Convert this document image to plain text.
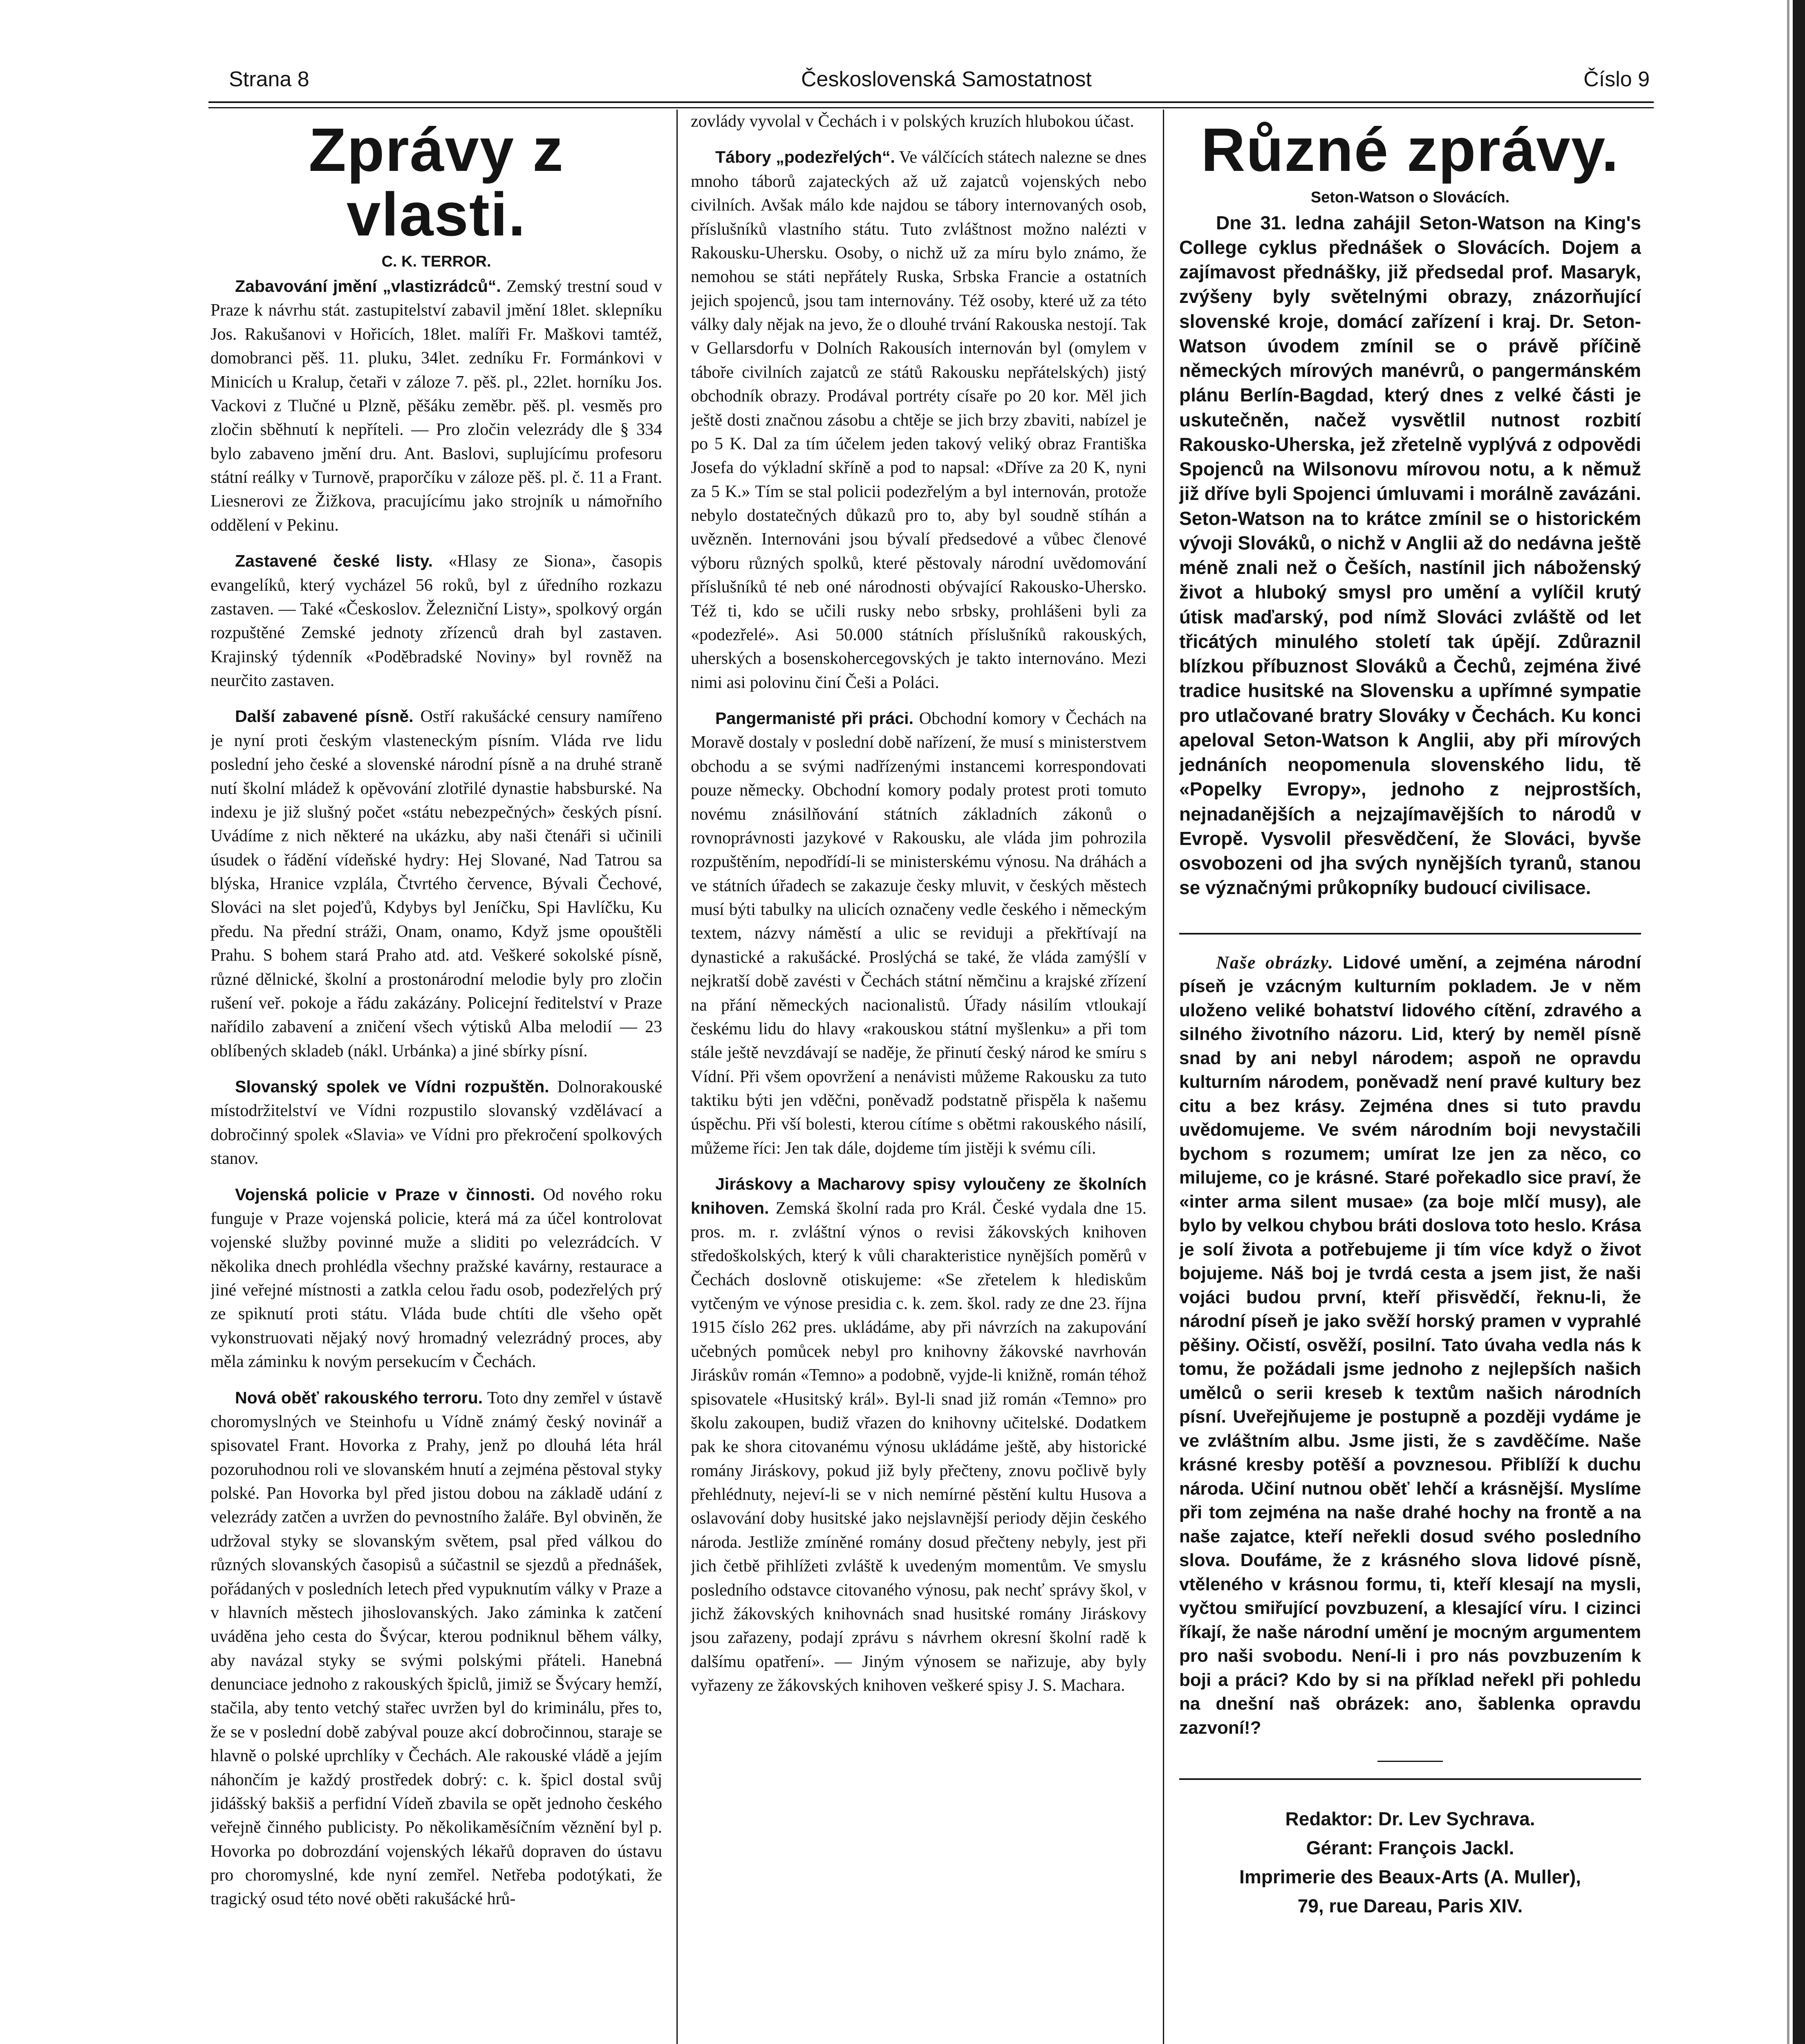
Strana 8	Československá Samostatnost	Číslo 9
Zprávy z vlasti.
C. K. TERROR.

Zabavování jmění „vlastizrádců“. Zemský trestní soud v Praze k návrhu stát. zastupitelství zabavil jmění 18let. sklepníku Jos. Rakušanovi v Hořicích, 18let. malíři Fr. Maškovi tamtéž, domobranci pěš. 11. pluku, 34let. zedníku Fr. Formánkovi v Minicích u Kralup, četaři v záloze 7. pěš. pl., 22let. horníku Jos. Vackovi z Tlučné u Plzně, pěšáku zeměbr. pěš. pl. vesměs pro zločin sběhnutí k nepříteli. — Pro zločin velezrády dle § 334 bylo zabaveno jmění dru. Ant. Baslovi, suplujícímu profesoru státní reálky v Turnově, praporčíku v záloze pěš. pl. č. 11 a Frant. Liesnerovi ze Žižkova, pracujícímu jako strojník u námořního oddělení v Pekinu.

Zastavené české listy. «Hlasy ze Siona», časopis evangelíků, který vycházel 56 roků, byl z úředního rozkazu zastaven. — Také «Českoslov. Železniční Listy», spolkový orgán rozpuštěné Zemské jednoty zřízenců drah byl zastaven. Krajinský týdenník «Poděbradské Noviny» byl rovněž na neurčito zastaven.

Další zabavené písně. Ostří rakušácké censury namířeno je nyní proti českým vlasteneckým písním. Vláda rve lidu poslední jeho české a slovenské národní písně a na druhé straně nutí školní mládež k opěvování zlotřilé dynastie habsburské. Na indexu je již slušný počet «státu nebezpečných» českých písní. Uvádíme z nich některé na ukázku, aby naši čtenáři si učinili úsudek o řádění vídeňské hydry: Hej Slované, Nad Tatrou sa blýska, Hranice vzplála, Čtvrtého července, Bývali Čechové, Slováci na slet pojeďů, Kdybys byl Jeníčku, Spi Havlíčku, Ku předu. Na přední stráži, Onam, onamo, Když jsme opouštěli Prahu. S bohem stará Praho atd. atd. Veškeré sokolské písně, různé dělnické, školní a prostonárodní melodie byly pro zločin rušení veř. pokoje a řádu zakázány. Policejní ředitelství v Praze nařídilo zabavení a zničení všech výtisků Alba melodií — 23 oblíbených skladeb (nákl. Urbánka) a jiné sbírky písní.

Slovanský spolek ve Vídni rozpuštěn. Dolnorakouské místodržitelství ve Vídni rozpustilo slovanský vzdělávací a dobročinný spolek «Slavia» ve Vídni pro překročení spolkových stanov.

Vojenská policie v Praze v činnosti. Od nového roku funguje v Praze vojenská policie, která má za účel kontrolovat vojenské služby povinné muže a sliditi po velezrádcích. V několika dnech prohlédla všechny pražské kavárny, restaurace a jiné veřejné místnosti a zatkla celou řadu osob, podezřelých prý ze spiknutí proti státu. Vláda bude chtíti dle všeho opět vykonstruovati nějaký nový hromadný velezrádný proces, aby měla záminku k novým persekucím v Čechách.

Nová oběť rakouského terroru. Toto dny zemřel v ústavě choromyslných ve Steinhofu u Vídně známý český novinář a spisovatel Frant. Hovorka z Prahy, jenž po dlouhá léta hrál pozoruhodnou roli ve slovanském hnutí a zejména pěstoval styky polské. Pan Hovorka byl před jistou dobou na základě udání z velezrády zatčen a uvržen do pevnostního žaláře. Byl obviněn, že udržoval styky se slovanským světem, psal před válkou do různých slovanských časopisů a súčastnil se sjezdů a přednášek, pořádaných v posledních letech před vypuknutím války v Praze a v hlavních městech jihoslovanských. Jako záminka k zatčení uváděna jeho cesta do Švýcar, kterou podniknul během války, aby navázal styky se svými polskými přáteli. Hanebná denunciace jednoho z rakouských špiclů, jimiž se Švýcary hemží, stačila, aby tento vetchý stařec uvržen byl do kriminálu, přes to, že se v poslední době zabýval pouze akcí dobročinnou, staraje se hlavně o polské uprchlíky v Čechách. Ale rakouské vládě a jejím náhončím je každý prostředek dobrý: c. k. špicl dostal svůj jidášský bakšiš a perfidní Vídeň zbavila se opět jednoho českého veřejně činného publicisty. Po několikaměsíčním věznění byl p. Hovorka po dobrozdání vojenských lékařů dopraven do ústavu pro choromyslné, kde nyní zemřel. Netřeba podotýkati, že tragický osud této nové oběti rakušácké hrů-

zovlády vyvolal v Čechách i v polských kruzích hlubokou účast.

Tábory „podezřelých“. Ve válčících státech nalezne se dnes mnoho táborů zajateckých až už zajatců vojenských nebo civilních. Avšak málo kde najdou se tábory internovaných osob, příslušníků vlastního státu. Tuto zvláštnost možno nalézti v Rakousku-Uhersku. Osoby, o nichž už za míru bylo známo, že nemohou se státi nepřátely Ruska, Srbska Francie a ostatních jejich spojenců, jsou tam internovány. Též osoby, které už za této války daly nějak na jevo, že o dlouhé trvání Rakouska nestojí. Tak v Gellarsdorfu v Dolních Rakousích internován byl (omylem v táboře civilních zajatců ze států Rakousku nepřátelských) jistý obchodník obrazy. Prodával portréty císaře po 20 kor. Měl jich ještě dosti značnou zásobu a chtěje se jich brzy zbaviti, nabízel je po 5 K. Dal za tím účelem jeden takový veliký obraz Františka Josefa do výkladní skříně a pod to napsal: «Dříve za 20 K, nyni za 5 K.» Tím se stal policii podezřelým a byl internován, protože nebylo dostatečných důkazů pro to, aby byl soudně stíhán a uvězněn. Internováni jsou bývalí předsedové a vůbec členové výboru různých spolků, které pěstovaly národní uvědomování příslušníků té neb oné národnosti obývající Rakousko-Uhersko. Též ti, kdo se učili rusky nebo srbsky, prohlášeni byli za «podezřelé». Asi 50.000 státních příslušníků rakouských, uherských a bosenskohercegovských je takto internováno. Mezi nimi asi polovinu činí Češi a Poláci.

Pangermanisté při práci. Obchodní komory v Čechách na Moravě dostaly v poslední době nařízení, že musí s ministerstvem obchodu a se svými nadřízenými instancemi korrespondovati pouze německy. Obchodní komory podaly protest proti tomuto novému znásilňování státních základních zákonů o rovnoprávnosti jazykové v Rakousku, ale vláda jim pohrozila rozpuštěním, nepodřídí-li se ministerskému výnosu. Na dráhách a ve státních úřadech se zakazuje česky mluvit, v českých městech musí býti tabulky na ulicích označeny vedle českého i německým textem, názvy náměstí a ulic se reviduji a překřtívají na dynastické a rakušácké. Proslýchá se také, že vláda zamýšlí v nejkratší době zavésti v Čechách státní němčinu a krajské zřízení na přání německých nacionalistů. Úřady násilím vtloukají českému lidu do hlavy «rakouskou státní myšlenku» a při tom stále ještě nevzdávají se naděje, že přinutí český národ ke smíru s Vídní. Při všem opovržení a nenávisti můžeme Rakousku za tuto taktiku býti jen vděčni, poněvadž podstatně přispěla k našemu úspěchu. Při vší bolesti, kterou cítíme s obětmi rakouského násilí, můžeme říci: Jen tak dále, dojdeme tím jistěji k svému cíli.

Jiráskovy a Macharovy spisy vyloučeny ze školních knihoven. Zemská školní rada pro Král. České vydala dne 15. pros. m. r. zvláštní výnos o revisi žákovských knihoven středoškolských, který k vůli charakteristice nynějších poměrů v Čechách doslovně otiskujeme: «Se zřetelem k hlediskům vytčeným ve výnose presidia c. k. zem. škol. rady ze dne 23. října 1915 číslo 262 pres. ukládáme, aby při návrzích na zakupování učebných pomůcek nebyl pro knihovny žákovské navrhován Jiráskův román «Temno» a podobně, vyjde-li knižně, román téhož spisovatele «Husitský král». Byl-li snad již román «Temno» pro školu zakoupen, budiž vřazen do knihovny učitelské. Dodatkem pak ke shora citovanému výnosu ukládáme ještě, aby historické romány Jiráskovy, pokud již byly přečteny, znovu počlivě byly přehlédnuty, nejeví-li se v nich nemírné pěstění kultu Husova a oslavování doby husitské jako nejslavnější periody dějin českého národa. Jestliže zmíněné romány dosud přečteny nebyly, jest při jich četbě přihlížeti zvláště k uvedeným momentům. Ve smyslu posledního odstavce citovaného výnosu, pak nechť správy škol, v jichž žákovských knihovnách snad husitské romány Jiráskovy jsou zařazeny, podají zprávu s návrhem okresní školní radě k dalšímu opatření». — Jiným výnosem se nařizuje, aby byly vyřazeny ze žákovských knihoven veškeré spisy J. S. Machara.

Různé zprávy.
Seton-Watson o Slovácích.

Dne 31. ledna zahájil Seton-Watson na King's College cyklus přednášek o Slovácích. Dojem a zajímavost přednášky, již předsedal prof. Masaryk, zvýšeny byly světelnými obrazy, znázorňující slovenské kroje, domácí zařízení i kraj. Dr. Seton-Watson úvodem zmínil se o právě příčině německých mírových manévrů, o pangermánském plánu Berlín-Bagdad, který dnes z velké části je uskutečněn, načež vysvětlil nutnost rozbití Rakousko-Uherska, jež zřetelně vyplývá z odpovědi Spojenců na Wilsonovu mírovou notu, a k němuž již dříve byli Spojenci úmluvami i morálně zavázáni. Seton-Watson na to krátce zmínil se o historickém vývoji Slováků, o nichž v Anglii až do nedávna ještě méně znali než o Češích, nastínil jich náboženský život a hluboký smysl pro umění a vylíčil krutý útisk maďarský, pod nímž Slováci zvláště od let třicátých minulého století tak úpějí. Zdůraznil blízkou příbuznost Slováků a Čechů, zejména živé tradice husitské na Slovensku a upřímné sympatie pro utlačované bratry Slováky v Čechách. Ku konci apeloval Seton-Watson k Anglii, aby při mírových jednáních neopomenula slovenského lidu, tě «Popelky Evropy», jednoho z nejprostších, nejnadanějších a nejzajímavějších to národů v Evropě. Vysvolil přesvědčení, že Slováci, byvše osvobozeni od jha svých nynějších tyranů, stanou se význačnými průkopníky budoucí civilisace.

Naše obrázky. Lidové umění, a zejména národní píseň je vzácným kulturním pokladem. Je v něm uloženo veliké bohatství lidového cítění, zdravého a silného životního názoru. Lid, který by neměl písně snad by ani nebyl národem; aspoň ne opravdu kulturním národem, poněvadž není pravé kultury bez citu a bez krásy. Zejména dnes si tuto pravdu uvědomujeme. Ve svém národním boji nevystačili bychom s rozumem; umírat lze jen za něco, co milujeme, co je krásné. Staré pořekadlo sice praví, že «inter arma silent musae» (za boje mlčí musy), ale bylo by velkou chybou bráti doslova toto heslo. Krása je solí života a potřebujeme ji tím více když o život bojujeme. Náš boj je tvrdá cesta a jsem jist, že naši vojáci budou první, kteří přisvědčí, řeknu-li, že národní píseň je jako svěží horský pramen v vyprahlé pěšiny. Očistí, osvěží, posilní. Tato úvaha vedla nás k tomu, že požádali jsme jednoho z nejlepších našich umělců o serii kreseb k textům našich národních písní. Uveřejňujeme je postupně a později vydáme je ve zvláštním albu. Jsme jisti, že s zavděčíme. Naše krásné kresby potěší a povznesou. Přiblíží k duchu národa. Učiní nutnou oběť lehčí a krásnější. Myslíme při tom zejména na naše drahé hochy na frontě a na naše zajatce, kteří neřekli dosud svého posledního slova. Doufáme, že z krásného slova lidové písně, vtěleného v krásnou formu, ti, kteří klesají na mysli, vyčtou smiřující povzbuzení, a klesající víru. I cizinci říkají, že naše národní umění je mocným argumentem pro naši svobodu. Není-li i pro nás povzbuzením k boji a práci? Kdo by si na příklad neřekl při pohledu na dnešní naš obrázek: ano, šablenka opravdu zazvoní!?

Redaktor: Dr. Lev Sychrava.
Gérant: François Jackl.
Imprimerie des Beaux-Arts (A. Muller),
79, rue Dareau, Paris XIV.
